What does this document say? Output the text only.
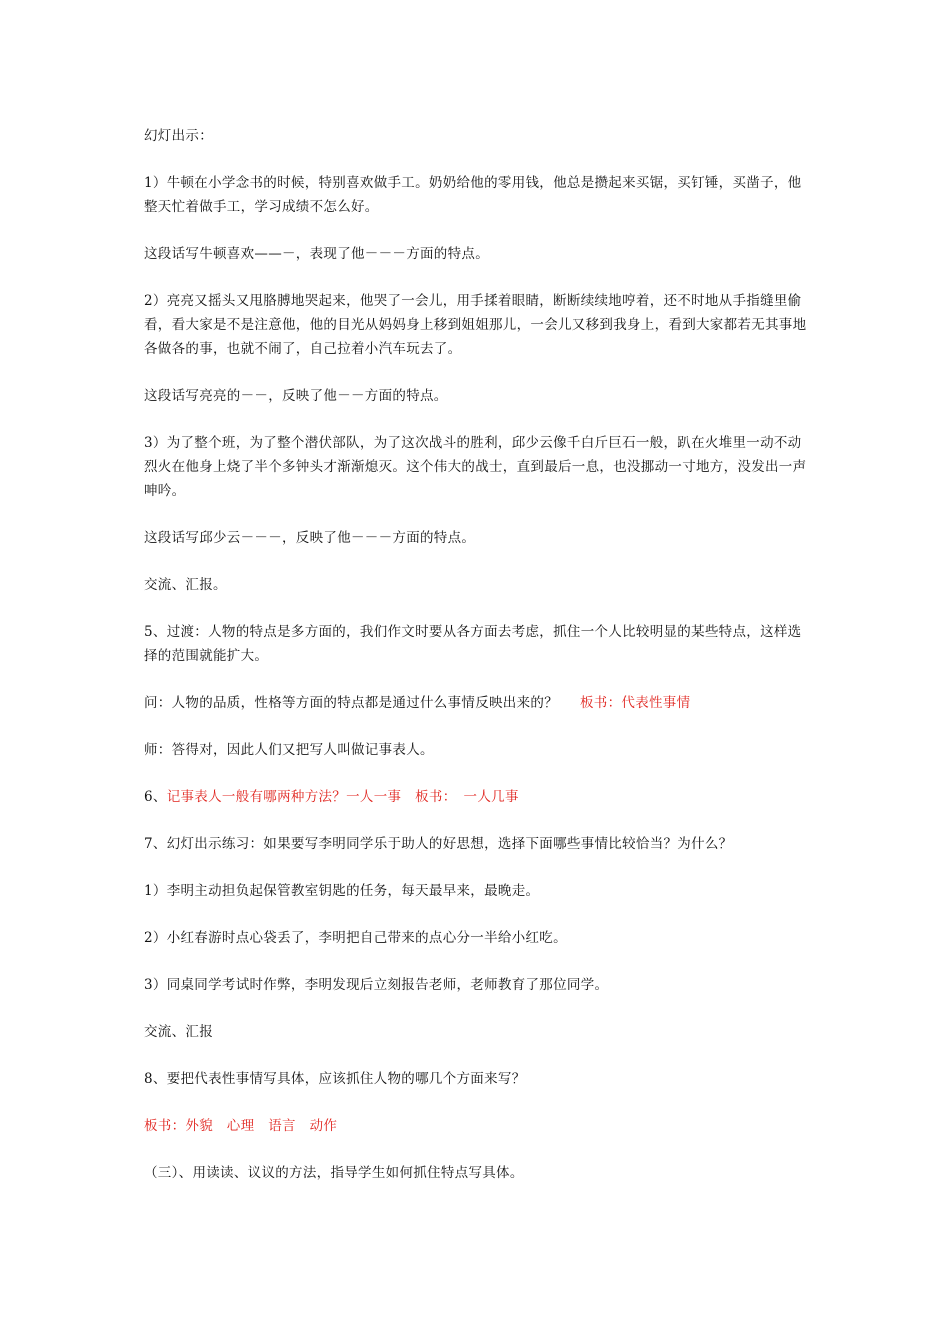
幻灯出示：

1）牛顿在小学念书的时候，特别喜欢做手工。奶奶给他的零用钱，他总是攒起来买锯，买钉锤，买凿子，他整天忙着做手工，学习成绩不怎么好。

这段话写牛顿喜欢——－，表现了他－－－方面的特点。

2）亮亮又摇头又甩胳膊地哭起来，他哭了一会儿，用手揉着眼睛，断断续续地哼着，还不时地从手指缝里偷看，看大家是不是注意他，他的目光从妈妈身上移到姐姐那儿，一会儿又移到我身上，看到大家都若无其事地各做各的事，也就不闹了，自己拉着小汽车玩去了。

这段话写亮亮的－－，反映了他－－方面的特点。

3）为了整个班，为了整个潜伏部队，为了这次战斗的胜利，邱少云像千白斤巨石一般，趴在火堆里一动不动烈火在他身上烧了半个多钟头才渐渐熄灭。这个伟大的战士，直到最后一息，也没挪动一寸地方，没发出一声呻吟。

这段话写邱少云－－－，反映了他－－－方面的特点。

交流、汇报。

5、过渡：人物的特点是多方面的，我们作文时要从各方面去考虑，抓住一个人比较明显的某些特点，这样选择的范围就能扩大。

问：人物的品质，性格等方面的特点都是通过什么事情反映出来的？ 板书：代表性事情

师：答得对，因此人们又把写人叫做记事表人。

6、记事表人一般有哪两种方法？一人一事　板书：　一人几事

7、幻灯出示练习：如果要写李明同学乐于助人的好思想，选择下面哪些事情比较恰当？为什么？

1）李明主动担负起保管教室钥匙的任务，每天最早来，最晚走。

2）小红春游时点心袋丢了，李明把自己带来的点心分一半给小红吃。

3）同桌同学考试时作弊，李明发现后立刻报告老师，老师教育了那位同学。

交流、汇报

8、要把代表性事情写具体，应该抓住人物的哪几个方面来写？

板书：外貌　心理　语言　动作

（三）、用读读、议议的方法，指导学生如何抓住特点写具体。
